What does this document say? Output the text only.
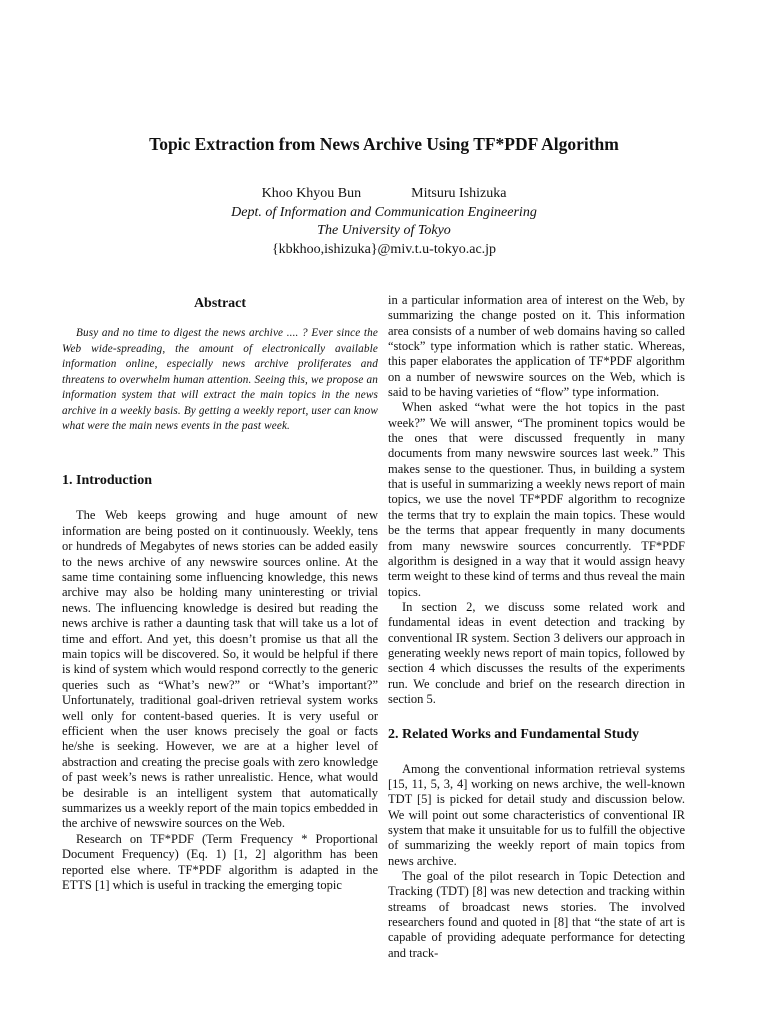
Topic Extraction from News Archive Using TF*PDF Algorithm
Khoo Khyou Bun	Mitsuru Ishizuka
Dept. of Information and Communication Engineering
The University of Tokyo
{kbkhoo,ishizuka}@miv.t.u-tokyo.ac.jp
Abstract

Busy and no time to digest the news archive .... ? Ever since the Web wide-spreading, the amount of electronically available information online, especially news archive proliferates and threatens to overwhelm human attention. Seeing this, we propose an information system that will extract the main topics in the news archive in a weekly basis. By getting a weekly report, user can know what were the main news events in the past week.

1. Introduction

The Web keeps growing and huge amount of new information are being posted on it continuously. Weekly, tens or hundreds of Megabytes of news stories can be added easily to the news archive of any newswire sources online. At the same time containing some influencing knowledge, this news archive may also be holding many uninteresting or trivial news. The influencing knowledge is desired but reading the news archive is rather a daunting task that will take us a lot of time and effort. And yet, this doesn’t promise us that all the main topics will be discovered. So, it would be helpful if there is kind of system which would respond correctly to the generic queries such as “What’s new?” or “What’s important?” Unfortunately, traditional goal-driven retrieval system works well only for content-based queries. It is very useful or efficient when the user knows precisely the goal or facts he/she is seeking. However, we are at a higher level of abstraction and creating the precise goals with zero knowledge of past week’s news is rather unrealistic. Hence, what would be desirable is an intelligent system that automatically summarizes us a weekly report of the main topics embedded in the archive of newswire sources on the Web.

Research on TF*PDF (Term Frequency * Proportional Document Frequency) (Eq. 1) [1, 2] algorithm has been reported else where. TF*PDF algorithm is adapted in the ETTS [1] which is useful in tracking the emerging topic

in a particular information area of interest on the Web, by summarizing the change posted on it. This information area consists of a number of web domains having so called “stock” type information which is rather static. Whereas, this paper elaborates the application of TF*PDF algorithm on a number of newswire sources on the Web, which is said to be having varieties of “flow” type information.

When asked “what were the hot topics in the past week?” We will answer, “The prominent topics would be the ones that were discussed frequently in many documents from many newswire sources last week.” This makes sense to the questioner. Thus, in building a system that is useful in summarizing a weekly news report of main topics, we use the novel TF*PDF algorithm to recognize the terms that try to explain the main topics. These would be the terms that appear frequently in many documents from many newswire sources concurrently. TF*PDF algorithm is designed in a way that it would assign heavy term weight to these kind of terms and thus reveal the main topics.

In section 2, we discuss some related work and fundamental ideas in event detection and tracking by conventional IR system. Section 3 delivers our approach in generating weekly news report of main topics, followed by section 4 which discusses the results of the experiments run. We conclude and brief on the research direction in section 5.

2. Related Works and Fundamental Study

Among the conventional information retrieval systems [15, 11, 5, 3, 4] working on news archive, the well-known TDT [5] is picked for detail study and discussion below. We will point out some characteristics of conventional IR system that make it unsuitable for us to fulfill the objective of summarizing the weekly report of main topics from news archive.

The goal of the pilot research in Topic Detection and Tracking (TDT) [8] was new detection and tracking within streams of broadcast news stories. The involved researchers found and quoted in [8] that “the state of art is capable of providing adequate performance for detecting and track-
